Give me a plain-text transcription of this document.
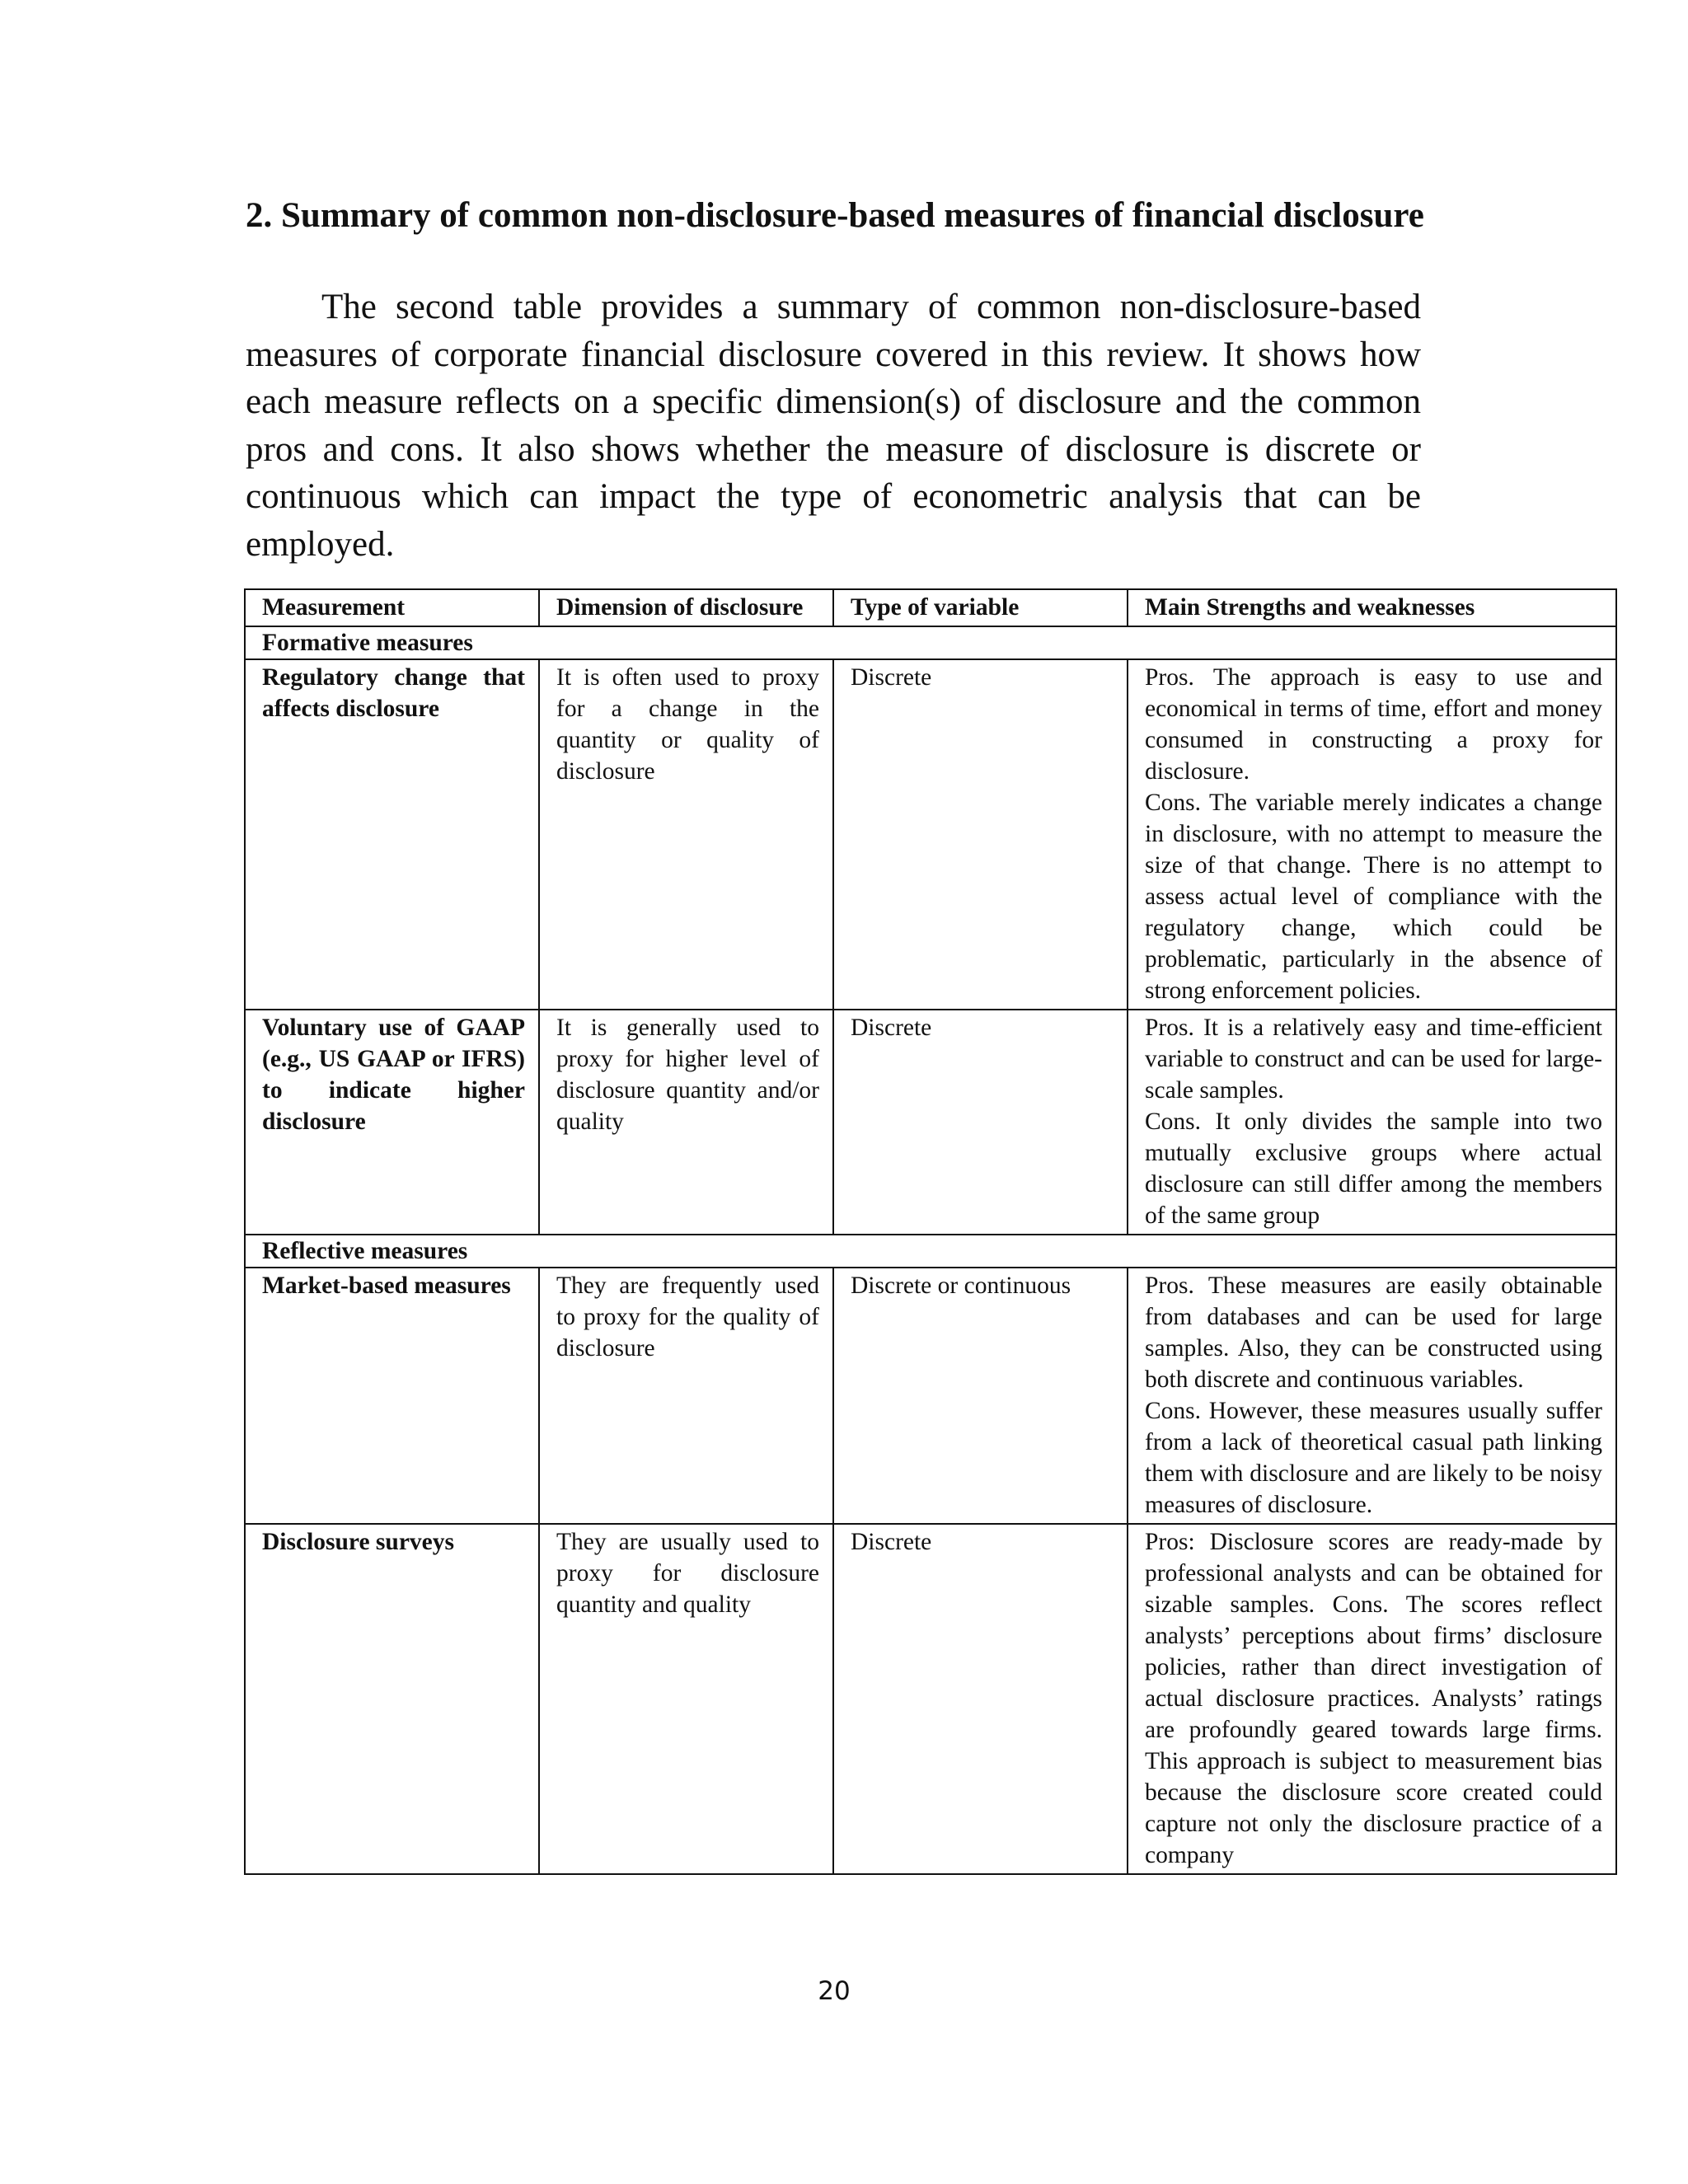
2. Summary of common non-disclosure-based measures of financial disclosure

The second table provides a summary of common non-disclosure-based measures of corporate financial disclosure covered in this review. It shows how each measure reflects on a specific dimension(s) of disclosure and the common pros and cons. It also shows whether the measure of disclosure is discrete or continuous which can impact the type of econometric analysis that can be employed.

Measurement	Dimension of disclosure	Type of variable	Main Strengths and weaknesses
Formative measures			
Regulatory change that affects disclosure	It is often used to proxy for a change in the quantity or quality of disclosure	Discrete	Pros. The approach is easy to use and economical in terms of time, effort and money consumed in constructing a proxy for disclosure.
Cons. The variable merely indicates a change in disclosure, with no attempt to measure the size of that change. There is no attempt to assess actual level of compliance with the regulatory change, which could be problematic, particularly in the absence of strong enforcement policies.

Voluntary use of GAAP (e.g., US GAAP or IFRS) to indicate higher disclosure	It is generally used to proxy for higher level of disclosure quantity and/or quality	Discrete	Pros. It is a relatively easy and time-efficient variable to construct and can be used for large-scale samples.
Cons. It only divides the sample into two mutually exclusive groups where actual disclosure can still differ among the members of the same group

Reflective measures			
Market-based measures	They are frequently used to proxy for the quality of disclosure	Discrete or continuous	Pros. These measures are easily obtainable from databases and can be used for large samples. Also, they can be constructed using both discrete and continuous variables.
Cons. However, these measures usually suffer from a lack of theoretical casual path linking them with disclosure and are likely to be noisy measures of disclosure.

Disclosure surveys	They are usually used to proxy for disclosure quantity and quality	Discrete	Pros: Disclosure scores are ready-made by professional analysts and can be obtained for sizable samples. Cons. The scores reflect analysts’ perceptions about firms’ disclosure policies, rather than direct investigation of actual disclosure practices. Analysts’ ratings are profoundly geared towards large firms. This approach is subject to measurement bias because the disclosure score created could capture not only the disclosure practice of a company
20
